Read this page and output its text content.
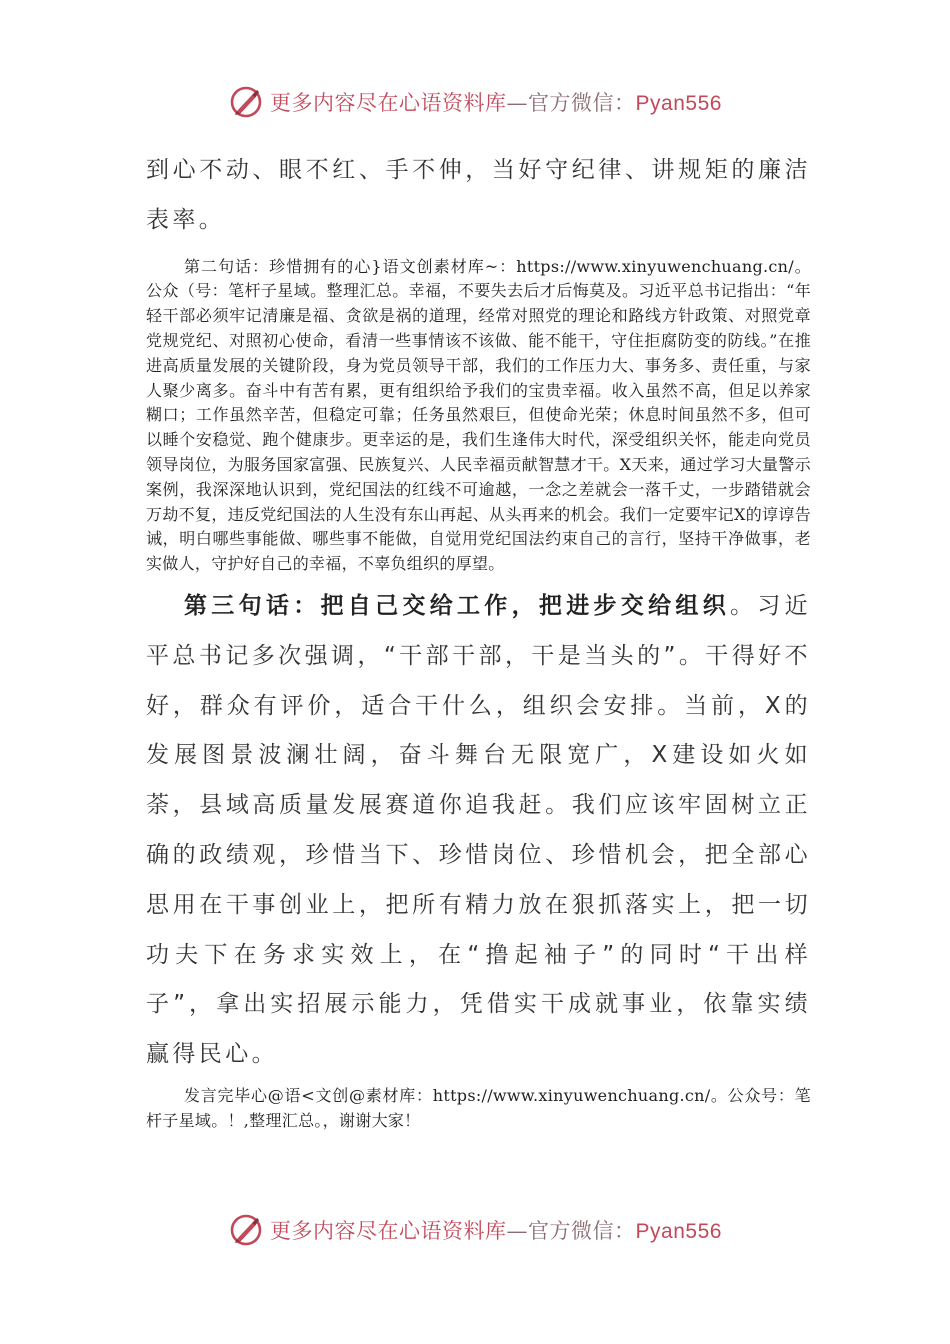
更多内容尽在心语资料库—官方微信：Pyan556

到心不动、眼不红、手不伸，当好守纪律、讲规矩的廉洁表率。

第二句话：珍惜拥有的心}语文创素材库~：https://www.xinyuwenchuang.cn/。公众（号：笔杆子星域。整理汇总。幸福，不要失去后才后悔莫及。习近平总书记指出：“年轻干部必须牢记清廉是福、贪欲是祸的道理，经常对照党的理论和路线方针政策、对照党章党规党纪、对照初心使命，看清一些事情该不该做、能不能干，守住拒腐防变的防线。”在推进高质量发展的关键阶段，身为党员领导干部，我们的工作压力大、事务多、责任重，与家人聚少离多。奋斗中有苦有累，更有组织给予我们的宝贵幸福。收入虽然不高，但足以养家糊口；工作虽然辛苦，但稳定可靠；任务虽然艰巨，但使命光荣；休息时间虽然不多，但可以睡个安稳觉、跑个健康步。更幸运的是，我们生逢伟大时代，深受组织关怀，能走向党员领导岗位，为服务国家富强、民族复兴、人民幸福贡献智慧才干。X天来，通过学习大量警示案例，我深深地认识到，党纪国法的红线不可逾越，一念之差就会一落千丈，一步踏错就会万劫不复，违反党纪国法的人生没有东山再起、从头再来的机会。我们一定要牢记X的谆谆告诫，明白哪些事能做、哪些事不能做，自觉用党纪国法约束自己的言行，坚持干净做事，老实做人，守护好自己的幸福，不辜负组织的厚望。

第三句话：把自己交给工作，把进步交给组织。习近平总书记多次强调，“干部干部，干是当头的”。干得好不好，群众有评价，适合干什么，组织会安排。当前，X的发展图景波澜壮阔，奋斗舞台无限宽广，X建设如火如荼，县域高质量发展赛道你追我赶。我们应该牢固树立正确的政绩观，珍惜当下、珍惜岗位、珍惜机会，把全部心思用在干事创业上，把所有精力放在狠抓落实上，把一切功夫下在务求实效上，在“撸起袖子”的同时“干出样子”，拿出实招展示能力，凭借实干成就事业，依靠实绩赢得民心。

发言完毕心@语<文创@素材库：https://www.xinyuwenchuang.cn/。公众号：笔杆子星域。！,整理汇总。，谢谢大家！

更多内容尽在心语资料库—官方微信：Pyan556
